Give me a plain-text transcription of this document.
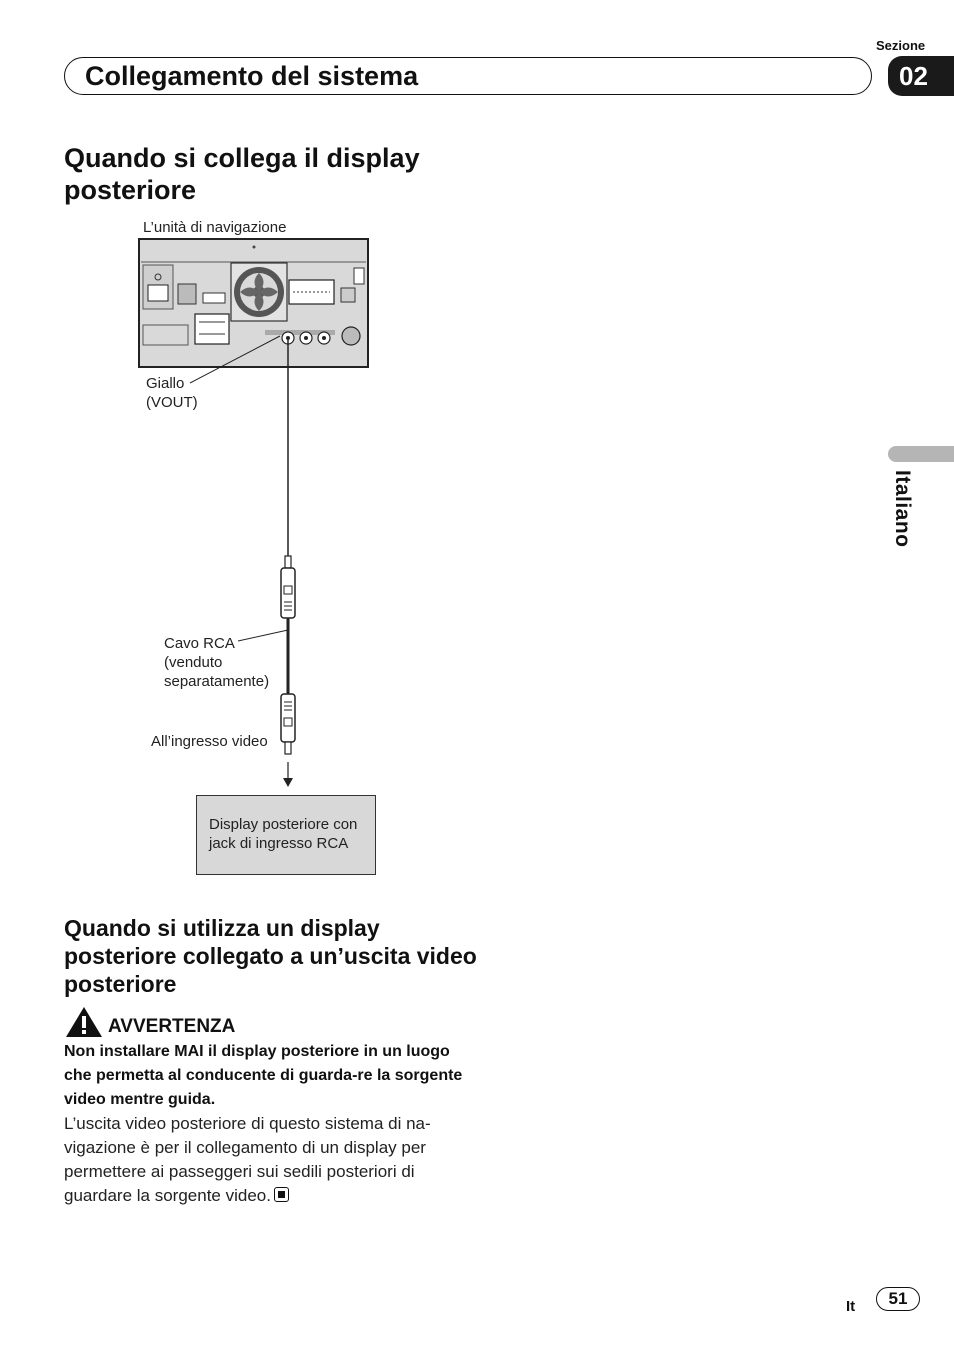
Sezione
Collegamento del sistema	02
Italiano
Quando si collega il display posteriore
L’unità di navigazione
Giallo
(VOUT)
Cavo RCA
(venduto
separatamente)
All’ingresso video
Display posteriore con
jack di ingresso RCA
Quando si utilizza un display posteriore collegato a un’uscita video posteriore
AVVERTENZA
Non installare MAI il display posteriore in un luogo che permetta al conducente di guarda-re la sorgente video mentre guida.
L’uscita video posteriore di questo sistema di na-vigazione è per il collegamento di un display per permettere ai passeggeri sui sedili posteriori di guardare la sorgente video.
It	51
